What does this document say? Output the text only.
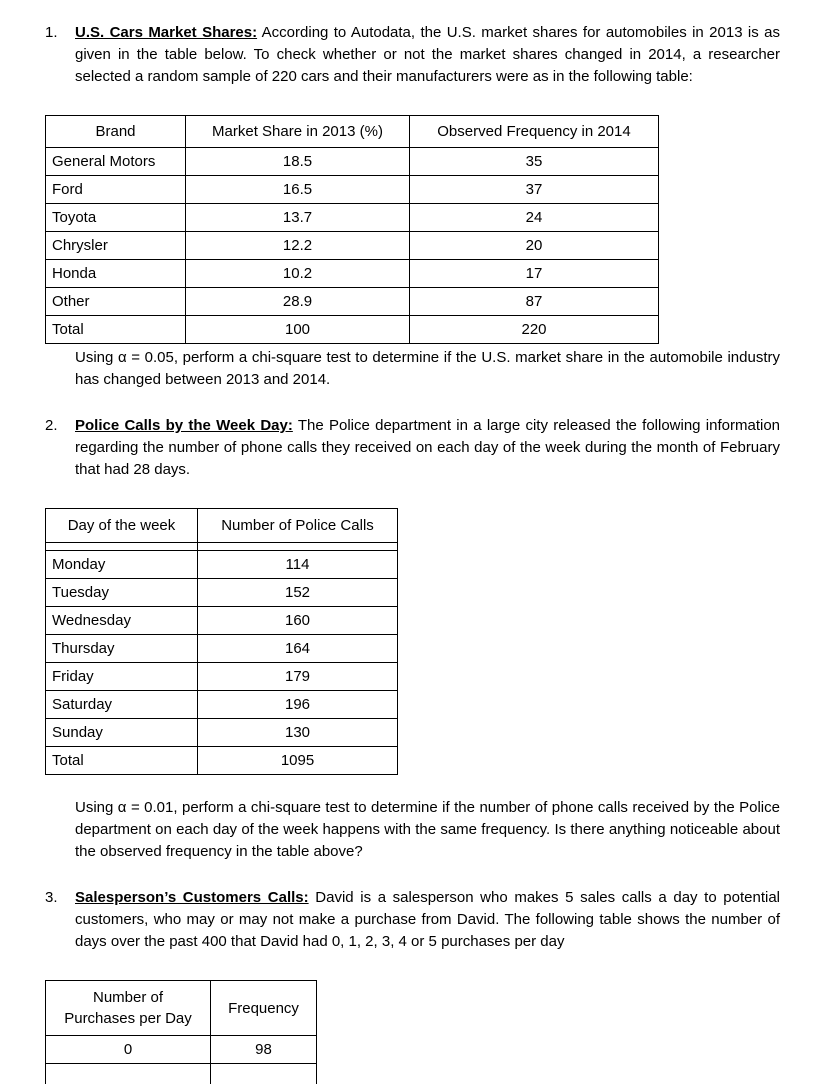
1.	U.S. Cars Market Shares: According to Autodata, the U.S. market shares for automobiles in 2013 is as given in the table below. To check whether or not the market shares changed in 2014, a researcher selected a random sample of 220 cars and their manufacturers were as in the following table:

Brand	Market Share in 2013 (%)	Observed Frequency in 2014
General Motors	18.5	35
Ford	16.5	37
Toyota	13.7	24
Chrysler	12.2	20
Honda	10.2	17
Other	28.9	87
Total	100	220

Using α = 0.05, perform a chi-square test to determine if the U.S. market share in the automobile industry has changed between 2013 and 2014.

2.	Police Calls by the Week Day: The Police department in a large city released the following information regarding the number of phone calls they received on each day of the week during the month of February that had 28 days.

Day of the week	Number of Police Calls

Monday	114
Tuesday	152
Wednesday	160
Thursday	164
Friday	179
Saturday	196
Sunday	130
Total	1095

Using α = 0.01, perform a chi-square test to determine if the number of phone calls received by the Police department on each day of the week happens with the same frequency. Is there anything noticeable about the observed frequency in the table above?

3.	Salesperson’s Customers Calls: David is a salesperson who makes 5 sales calls a day to potential customers, who may or may not make a purchase from David. The following table shows the number of days over the past 400 that David had 0, 1, 2, 3, 4 or 5 purchases per day

Number of Purchases per Day	Frequency
0	98
